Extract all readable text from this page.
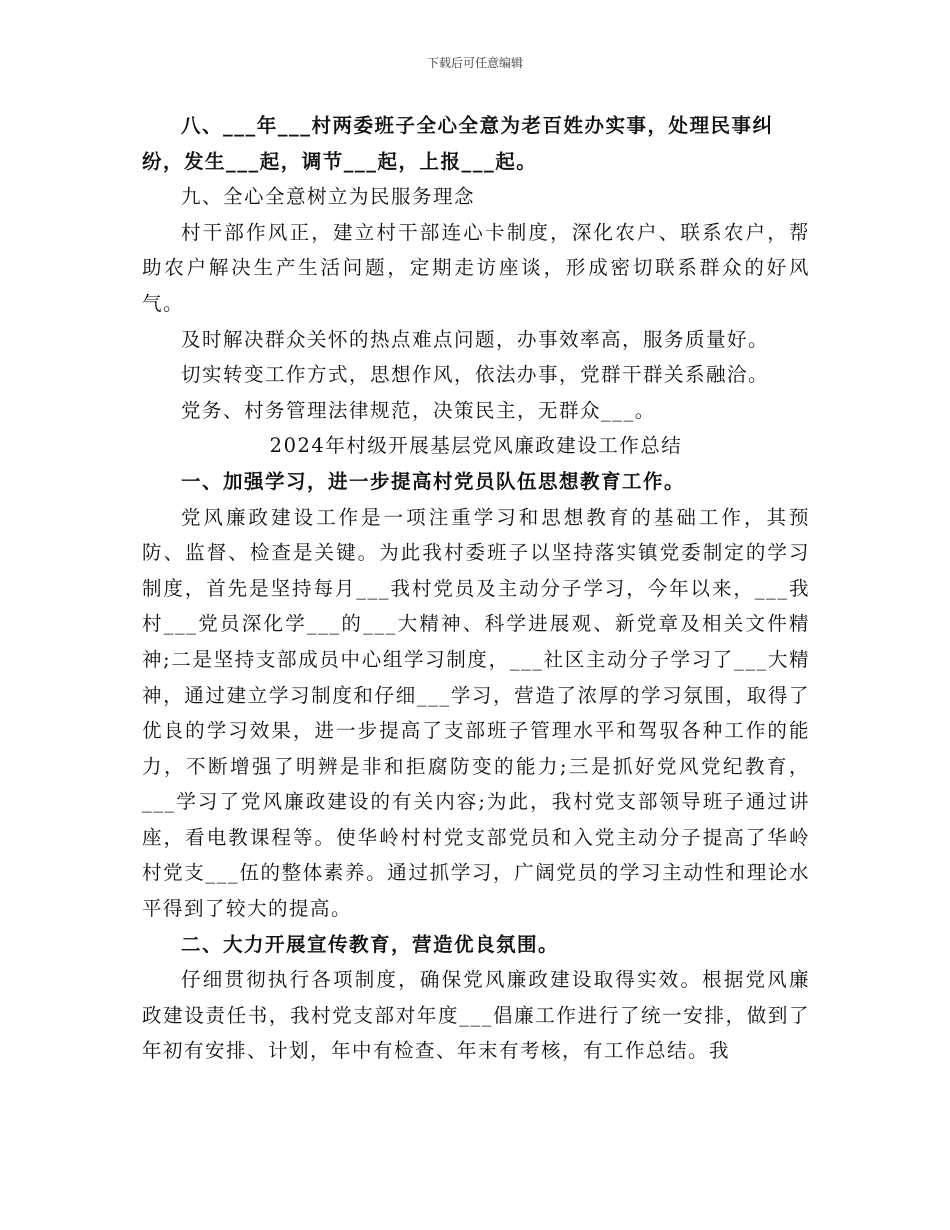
下载后可任意编辑

八、___年___村两委班子全心全意为老百姓办实事，处理民事纠纷，发生___起，调节___起，上报___起。

九、全心全意树立为民服务理念

村干部作风正，建立村干部连心卡制度，深化农户、联系农户，帮助农户解决生产生活问题，定期走访座谈，形成密切联系群众的好风气。

及时解决群众关怀的热点难点问题，办事效率高，服务质量好。

切实转变工作方式，思想作风，依法办事，党群干群关系融洽。

党务、村务管理法律规范，决策民主，无群众___。

2024年村级开展基层党风廉政建设工作总结

一、加强学习，进一步提高村党员队伍思想教育工作。

党风廉政建设工作是一项注重学习和思想教育的基础工作，其预防、监督、检查是关键。为此我村委班子以坚持落实镇党委制定的学习制度，首先是坚持每月___我村党员及主动分子学习，今年以来，___我村___党员深化学___的___大精神、科学进展观、新党章及相关文件精神;二是坚持支部成员中心组学习制度，___社区主动分子学习了___大精神，通过建立学习制度和仔细___学习，营造了浓厚的学习氛围，取得了优良的学习效果，进一步提高了支部班子管理水平和驾驭各种工作的能力，不断增强了明辨是非和拒腐防变的能力;三是抓好党风党纪教育，___学习了党风廉政建设的有关内容;为此，我村党支部领导班子通过讲座，看电教课程等。使华岭村村党支部党员和入党主动分子提高了华岭村党支___伍的整体素养。通过抓学习，广阔党员的学习主动性和理论水平得到了较大的提高。

二、大力开展宣传教育，营造优良氛围。

仔细贯彻执行各项制度，确保党风廉政建设取得实效。根据党风廉政建设责任书，我村党支部对年度___倡廉工作进行了统一安排，做到了年初有安排、计划，年中有检查、年末有考核，有工作总结。我
